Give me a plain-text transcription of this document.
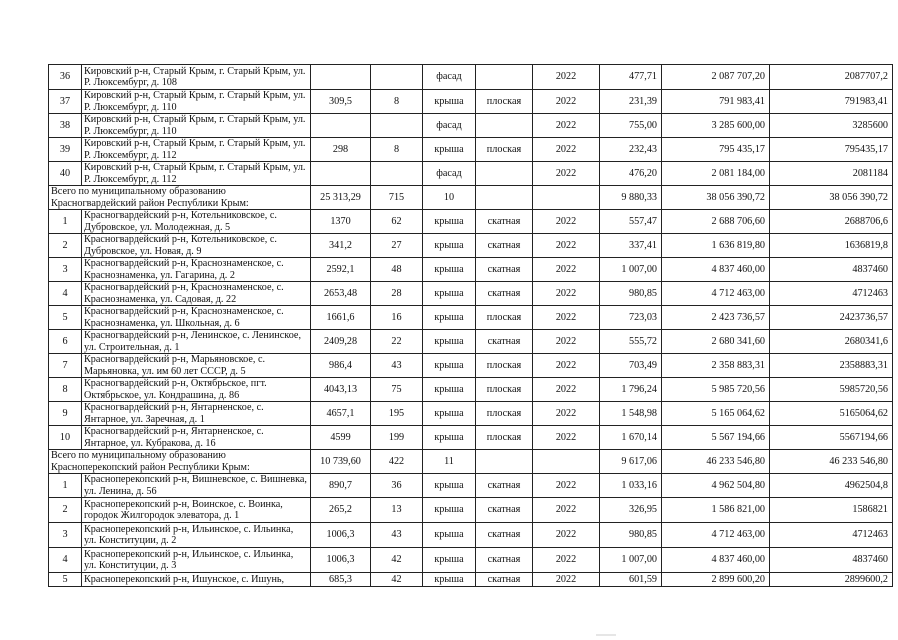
36	Кировский р-н, Старый Крым, г. Старый Крым, ул. Р. Люксембург, д. 108			фасад		2022	477,71	2 087 707,20	2087707,2
37	Кировский р-н, Старый Крым, г. Старый Крым, ул. Р. Люксембург, д. 110	309,5	8	крыша	плоская	2022	231,39	791 983,41	791983,41
38	Кировский р-н, Старый Крым, г. Старый Крым, ул. Р. Люксембург, д. 110			фасад		2022	755,00	3 285 600,00	3285600
39	Кировский р-н, Старый Крым, г. Старый Крым, ул. Р. Люксембург, д. 112	298	8	крыша	плоская	2022	232,43	795 435,17	795435,17
40	Кировский р-н, Старый Крым, г. Старый Крым, ул. Р. Люксембург, д. 112			фасад		2022	476,20	2 081 184,00	2081184
Всего по муниципальному образованию Красногвардейский район Республики Крым:		25 313,29	715	10			9 880,33	38 056 390,72	38 056 390,72
1	Красногвардейский р-н, Котельниковское, с. Дубровское, ул. Молодежная, д. 5	1370	62	крыша	скатная	2022	557,47	2 688 706,60	2688706,6
2	Красногвардейский р-н, Котельниковское, с. Дубровское, ул. Новая, д. 9	341,2	27	крыша	скатная	2022	337,41	1 636 819,80	1636819,8
3	Красногвардейский р-н, Краснознаменское, с. Краснознаменка, ул. Гагарина, д. 2	2592,1	48	крыша	скатная	2022	1 007,00	4 837 460,00	4837460
4	Красногвардейский р-н, Краснознаменское, с. Краснознаменка, ул. Садовая, д. 22	2653,48	28	крыша	скатная	2022	980,85	4 712 463,00	4712463
5	Красногвардейский р-н, Краснознаменское, с. Краснознаменка, ул. Школьная, д. 6	1661,6	16	крыша	плоская	2022	723,03	2 423 736,57	2423736,57
6	Красногвардейский р-н, Ленинское, с. Ленинское, ул. Строительная, д. 1	2409,28	22	крыша	скатная	2022	555,72	2 680 341,60	2680341,6
7	Красногвардейский р-н, Марьяновское, с. Марьяновка, ул. им 60 лет СССР, д. 5	986,4	43	крыша	плоская	2022	703,49	2 358 883,31	2358883,31
8	Красногвардейский р-н, Октябрьское, пгт. Октябрьское, ул. Кондрашина, д. 86	4043,13	75	крыша	плоская	2022	1 796,24	5 985 720,56	5985720,56
9	Красногвардейский р-н, Янтарненское, с. Янтарное, ул. Заречная, д. 1	4657,1	195	крыша	плоская	2022	1 548,98	5 165 064,62	5165064,62
10	Красногвардейский р-н, Янтарненское, с. Янтарное, ул. Кубракова, д. 16	4599	199	крыша	плоская	2022	1 670,14	5 567 194,66	5567194,66
Всего по муниципальному образованию Красноперекопский район Республики Крым:		10 739,60	422	11			9 617,06	46 233 546,80	46 233 546,80
1	Красноперекопский р-н, Вишневское, с. Вишневка, ул. Ленина, д. 56	890,7	36	крыша	скатная	2022	1 033,16	4 962 504,80	4962504,8
2	Красноперекопский р-н, Воинское, с. Воинка, городок Жилгородок элеватора, д. 1	265,2	13	крыша	скатная	2022	326,95	1 586 821,00	1586821
3	Красноперекопский р-н, Ильинское, с. Ильинка, ул. Конституции, д. 2	1006,3	43	крыша	скатная	2022	980,85	4 712 463,00	4712463
4	Красноперекопский р-н, Ильинское, с. Ильинка, ул. Конституции, д. 3	1006,3	42	крыша	скатная	2022	1 007,00	4 837 460,00	4837460
5	Красноперекопский р-н, Ишунское, с. Ишунь,	685,3	42	крыша	скатная	2022	601,59	2 899 600,20	2899600,2
